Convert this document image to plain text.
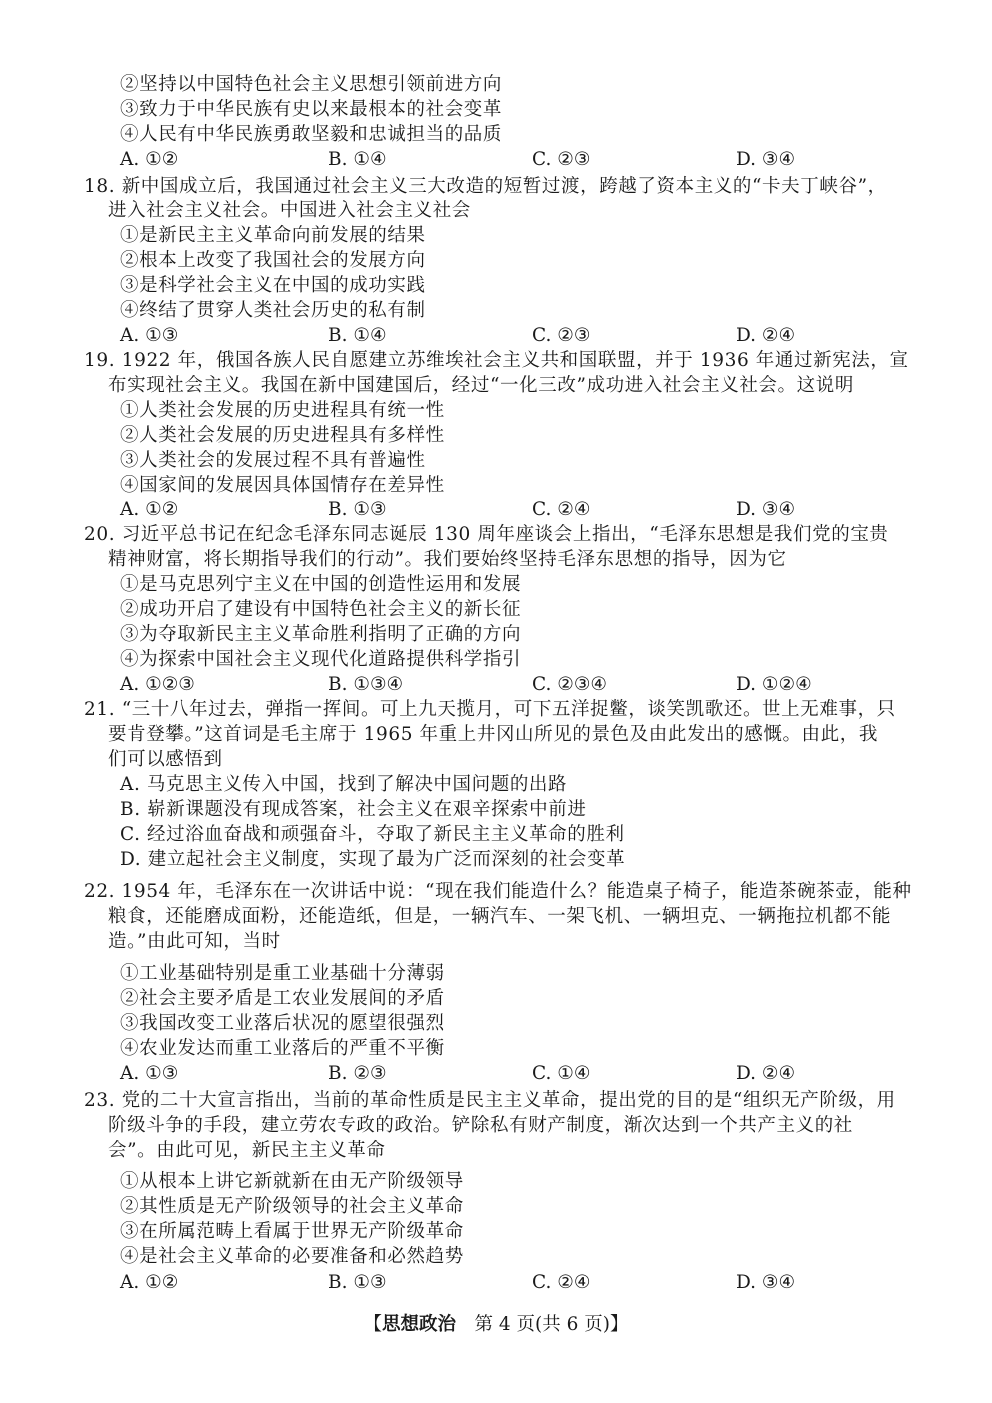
②坚持以中国特色社会主义思想引领前进方向
③致力于中华民族有史以来最根本的社会变革
④人民有中华民族勇敢坚毅和忠诚担当的品质
A. ①②	B. ①④	C. ②③	D. ③④
18. 新中国成立后，我国通过社会主义三大改造的短暂过渡，跨越了资本主义的“卡夫丁峡谷”，
进入社会主义社会。中国进入社会主义社会
①是新民主主义革命向前发展的结果
②根本上改变了我国社会的发展方向
③是科学社会主义在中国的成功实践
④终结了贯穿人类社会历史的私有制
A. ①③	B. ①④	C. ②③	D. ②④
19. 1922 年，俄国各族人民自愿建立苏维埃社会主义共和国联盟，并于 1936 年通过新宪法，宣
布实现社会主义。我国在新中国建国后，经过“一化三改”成功进入社会主义社会。这说明
①人类社会发展的历史进程具有统一性
②人类社会发展的历史进程具有多样性
③人类社会的发展过程不具有普遍性
④国家间的发展因具体国情存在差异性
A. ①②	B. ①③	C. ②④	D. ③④
20. 习近平总书记在纪念毛泽东同志诞辰 130 周年座谈会上指出，“毛泽东思想是我们党的宝贵
精神财富，将长期指导我们的行动”。我们要始终坚持毛泽东思想的指导，因为它
①是马克思列宁主义在中国的创造性运用和发展
②成功开启了建设有中国特色社会主义的新长征
③为夺取新民主主义革命胜利指明了正确的方向
④为探索中国社会主义现代化道路提供科学指引
A. ①②③	B. ①③④	C. ②③④	D. ①②④
21. “三十八年过去，弹指一挥间。可上九天揽月，可下五洋捉鳖，谈笑凯歌还。世上无难事，只
要肯登攀。”这首词是毛主席于 1965 年重上井冈山所见的景色及由此发出的感慨。由此，我
们可以感悟到
A. 马克思主义传入中国，找到了解决中国问题的出路
B. 崭新课题没有现成答案，社会主义在艰辛探索中前进
C. 经过浴血奋战和顽强奋斗，夺取了新民主主义革命的胜利
D. 建立起社会主义制度，实现了最为广泛而深刻的社会变革
22. 1954 年，毛泽东在一次讲话中说：“现在我们能造什么？能造桌子椅子，能造茶碗茶壶，能种
粮食，还能磨成面粉，还能造纸，但是，一辆汽车、一架飞机、一辆坦克、一辆拖拉机都不能
造。”由此可知，当时
①工业基础特别是重工业基础十分薄弱
②社会主要矛盾是工农业发展间的矛盾
③我国改变工业落后状况的愿望很强烈
④农业发达而重工业落后的严重不平衡
A. ①③	B. ②③	C. ①④	D. ②④
23. 党的二十大宣言指出，当前的革命性质是民主主义革命，提出党的目的是“组织无产阶级，用
阶级斗争的手段，建立劳农专政的政治。铲除私有财产制度，渐次达到一个共产主义的社
会”。由此可见，新民主主义革命
①从根本上讲它新就新在由无产阶级领导
②其性质是无产阶级领导的社会主义革命
③在所属范畴上看属于世界无产阶级革命
④是社会主义革命的必要准备和必然趋势
A. ①②	B. ①③	C. ②④	D. ③④
【思想政治　第 4 页(共 6 页)】
